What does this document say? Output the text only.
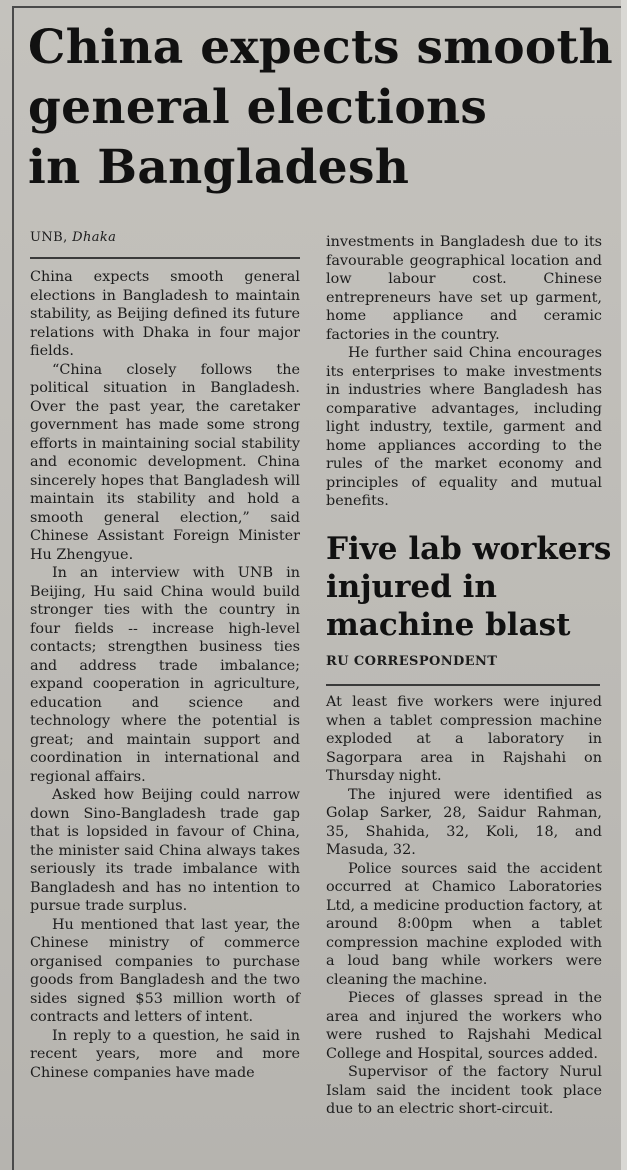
China expects smooth
general elections
in Bangladesh
UNB, Dhaka

China expects smooth general elections in Bangladesh to maintain stability, as Beijing defined its future relations with Dhaka in four major fields.

“China closely follows the political situation in Bangladesh. Over the past year, the caretaker government has made some strong efforts in maintaining social stability and economic development. China sincerely hopes that Bangladesh will maintain its stability and hold a smooth general election,” said Chinese Assistant Foreign Minister Hu Zhengyue.

In an interview with UNB in Beijing, Hu said China would build stronger ties with the country in four fields -- increase high-level contacts; strengthen business ties and address trade imbalance; expand cooperation in agriculture, education and science and technology where the potential is great; and maintain support and coordination in international and regional affairs.

Asked how Beijing could narrow down Sino-Bangladesh trade gap that is lopsided in favour of China, the minister said China always takes seriously its trade imbalance with Bangladesh and has no intention to pursue trade surplus.

Hu mentioned that last year, the Chinese ministry of commerce organised companies to purchase goods from Bangladesh and the two sides signed $53 million worth of contracts and letters of intent.

In reply to a question, he said in recent years, more and more Chinese companies have made

investments in Bangladesh due to its favourable geographical location and low labour cost. Chinese entrepreneurs have set up garment, home appliance and ceramic factories in the country.

He further said China encourages its enterprises to make investments in industries where Bangladesh has comparative advantages, including light industry, textile, garment and home appliances according to the rules of the market economy and principles of equality and mutual benefits.

Five lab workers
injured in
machine blast
RU CORRESPONDENT

At least five workers were injured when a tablet compression machine exploded at a laboratory in Sagorpara area in Rajshahi on Thursday night.

The injured were identified as Golap Sarker, 28, Saidur Rahman, 35, Shahida, 32, Koli, 18, and Masuda, 32.

Police sources said the accident occurred at Chamico Laboratories Ltd, a medicine production factory, at around 8:00pm when a tablet compression machine exploded with a loud bang while workers were cleaning the machine.

Pieces of glasses spread in the area and injured the workers who were rushed to Rajshahi Medical College and Hospital, sources added.

Supervisor of the factory Nurul Islam said the incident took place due to an electric short-circuit.
